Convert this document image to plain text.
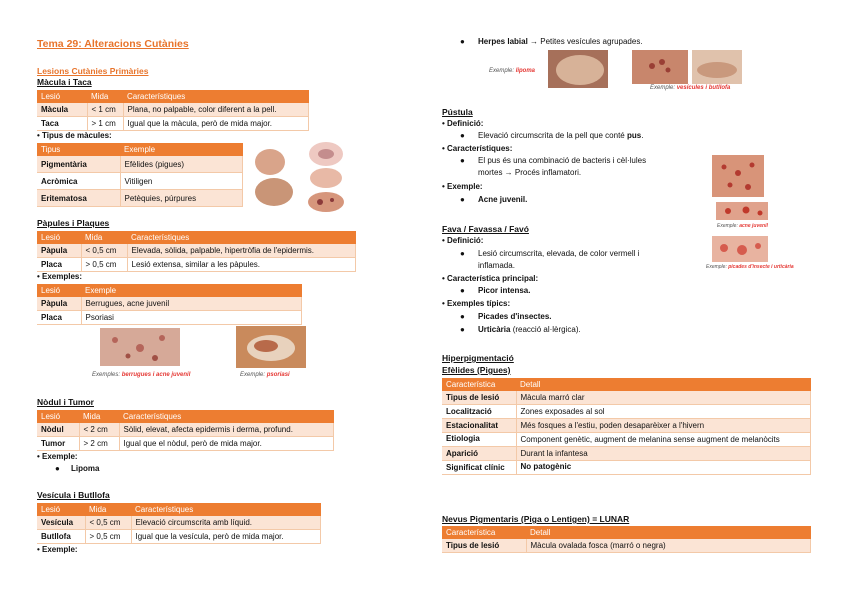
Tema 29: Alteracions Cutànies
Lesions Cutànies Primàries
Màcula i Taca
Lesió	Mida	Característiques
Màcula	< 1 cm	Plana, no palpable, color diferent a la pell.
Taca	> 1 cm	Igual que la màcula, però de mida major.
• Tipus de màcules:
Tipus	Exemple
Pigmentària	Efèlides (pigues)
Acròmica	Vitiligen
Eritematosa	Petèquies, púrpures
Pàpules i Plaques
Lesió	Mida	Característiques
Pàpula	< 0,5 cm	Elevada, sòlida, palpable, hipertròfia de l'epidermis.
Placa	> 0,5 cm	Lesió extensa, similar a les pàpules.
• Exemples:
Lesió	Exemple
Pàpula	Berrugues, acne juvenil
Placa	Psoriasi
Exemples: berrugues i acne juvenil	Exemple: psoriasi
Nòdul i Tumor
Lesió	Mida	Característiques
Nòdul	< 2 cm	Sòlid, elevat, afecta epidermis i derma, profund.
Tumor	> 2 cm	Igual que el nòdul, però de mida major.
• Exemple:
● Lipoma
Vesícula i Butllofa
Lesió	Mida	Característiques
Vesícula	< 0,5 cm	Elevació circumscrita amb líquid.
Butllofa	> 0,5 cm	Igual que la vesícula, però de mida major.
• Exemple:
● Herpes labial → Petites vesícules agrupades.
Exemple: lipoma
Exemple: vesícules i butllofa
Pústula
• Definició:
● Elevació circumscrita de la pell que conté pus.
• Característiques:
● El pus és una combinació de bacteris i cèl·lules
mortes → Procés inflamatori.
• Exemple:
● Acne juvenil.
Exemple: acne juvenil
Fava / Favassa / Favó
• Definició:
● Lesió circumscrita, elevada, de color vermell i
inflamada.
• Característica principal:
● Picor intensa.
• Exemples típics:
● Picades d'insectes.
● Urticària (reacció al·lèrgica).
Exemple: picades d'insecte i urticària
Hiperpigmentació
Efèlides (Pigues)
Característica	Detall
Tipus de lesió	Màcula marró clar
Localització	Zones exposades al sol
Estacionalitat	Més fosques a l'estiu, poden desaparèixer a l'hivern
Etiologia	Component genètic, augment de melanina sense augment de melanòcits
Aparició	Durant la infantesa
Significat clínic	No patogènic
Nevus Pigmentaris (Piga o Lentigen) = LUNAR
Característica	Detall
Tipus de lesió	Màcula ovalada fosca (marró o negra)
